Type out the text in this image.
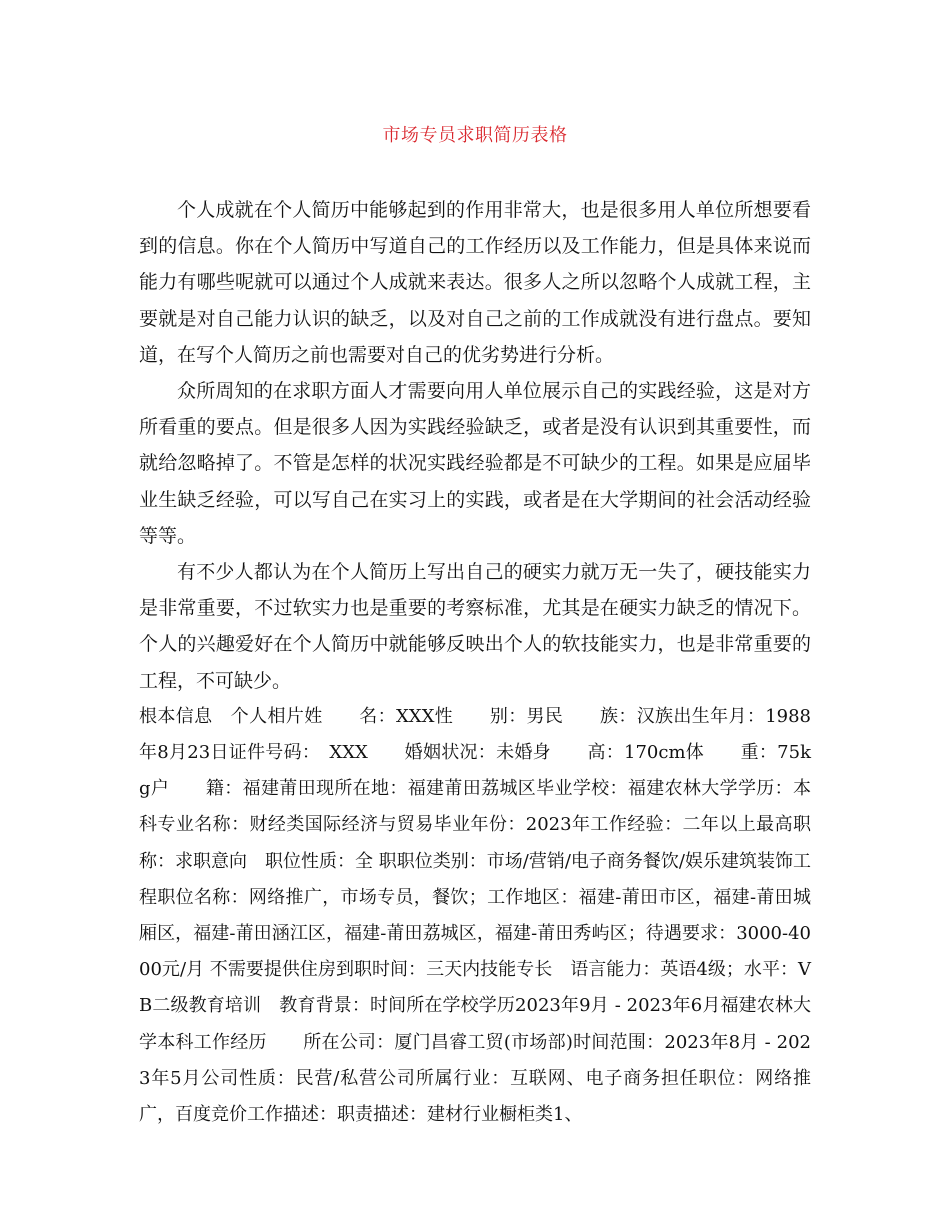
市场专员求职简历表格

个人成就在个人简历中能够起到的作用非常大，也是很多用人单位所想要看到的信息。你在个人简历中写道自己的工作经历以及工作能力，但是具体来说而能力有哪些呢就可以通过个人成就来表达。很多人之所以忽略个人成就工程，主要就是对自己能力认识的缺乏，以及对自己之前的工作成就没有进行盘点。要知道，在写个人简历之前也需要对自己的优劣势进行分析。

众所周知的在求职方面人才需要向用人单位展示自己的实践经验，这是对方所看重的要点。但是很多人因为实践经验缺乏，或者是没有认识到其重要性，而就给忽略掉了。不管是怎样的状况实践经验都是不可缺少的工程。如果是应届毕业生缺乏经验，可以写自己在实习上的实践，或者是在大学期间的社会活动经验等等。

有不少人都认为在个人简历上写出自己的硬实力就万无一失了，硬技能实力是非常重要，不过软实力也是重要的考察标准，尤其是在硬实力缺乏的情况下。个人的兴趣爱好在个人简历中就能够反映出个人的软技能实力，也是非常重要的工程，不可缺少。

根本信息　个人相片姓　　名：XXX性　　别：男民　　族：汉族出生年月：1988年8月23日证件号码：　XXX　　婚姻状况：未婚身　　高：170cm体　　重：75kg户　　籍：福建莆田现所在地：福建莆田荔城区毕业学校：福建农林大学学历：本科专业名称：财经类国际经济与贸易毕业年份：2023年工作经验：二年以上最高职称：求职意向　职位性质：全 职职位类别：市场/营销/电子商务餐饮/娱乐建筑装饰工程职位名称：网络推广，市场专员，餐饮；工作地区：福建-莆田市区，福建-莆田城厢区，福建-莆田涵江区，福建-莆田荔城区，福建-莆田秀屿区；待遇要求：3000-4000元/月 不需要提供住房到职时间：三天内技能专长　语言能力：英语4级；水平：VB二级教育培训　教育背景：时间所在学校学历2023年9月 - 2023年6月福建农林大学本科工作经历　　所在公司：厦门昌睿工贸(市场部)时间范围：2023年8月 - 2023年5月公司性质：民营/私营公司所属行业：互联网、电子商务担任职位：网络推广，百度竞价工作描述：职责描述：建材行业橱柜类1、
